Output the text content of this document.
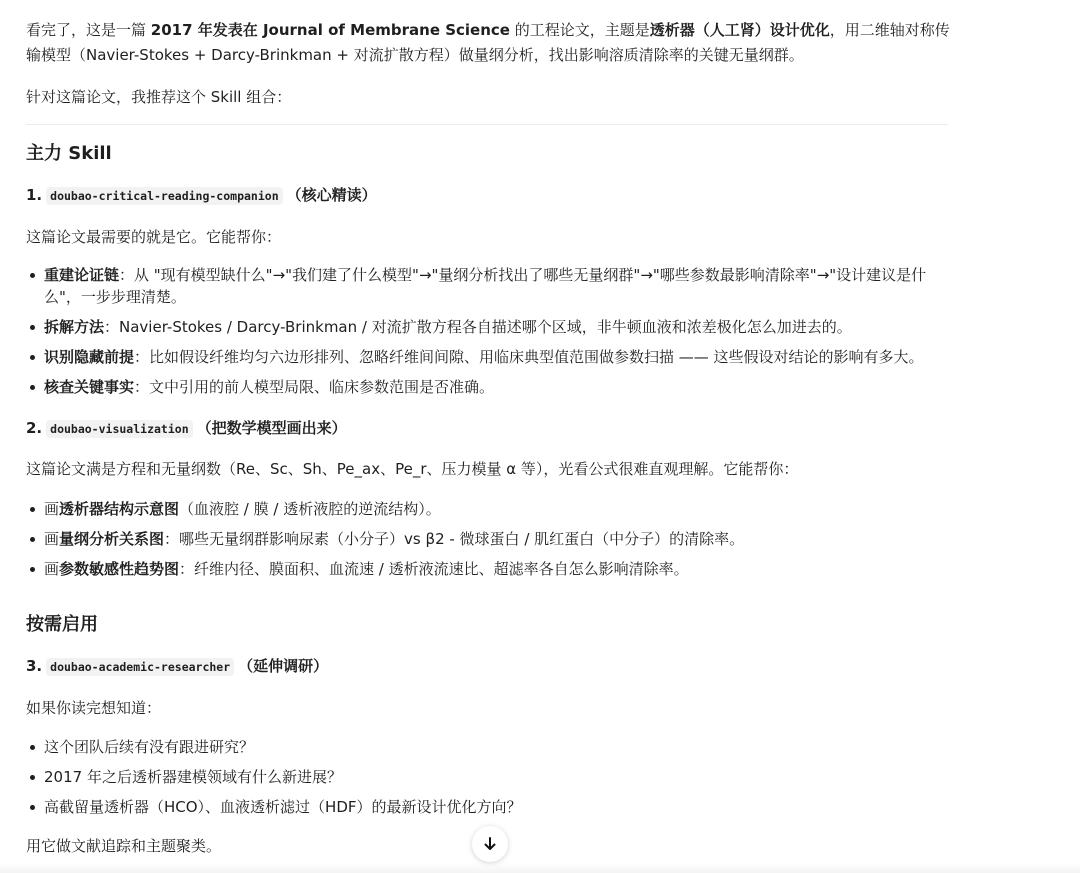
看完了，这是一篇 2017 年发表在 Journal of Membrane Science 的工程论文，主题是透析器（人工肾）设计优化，用二维轴对称传输模型（Navier-Stokes + Darcy-Brinkman + 对流扩散方程）做量纲分析，找出影响溶质清除率的关键无量纲群。
针对这篇论文，我推荐这个 Skill 组合：
主力 Skill
1. doubao-critical-reading-companion （核心精读）
这篇论文最需要的就是它。它能帮你：
重建论证链：从 "现有模型缺什么"→"我们建了什么模型"→"量纲分析找出了哪些无量纲群"→"哪些参数最影响清除率"→"设计建议是什么"，一步步理清楚。
拆解方法：Navier-Stokes / Darcy-Brinkman / 对流扩散方程各自描述哪个区域，非牛顿血液和浓差极化怎么加进去的。
识别隐藏前提：比如假设纤维均匀六边形排列、忽略纤维间间隙、用临床典型值范围做参数扫描 —— 这些假设对结论的影响有多大。
核查关键事实：文中引用的前人模型局限、临床参数范围是否准确。
2. doubao-visualization （把数学模型画出来）
这篇论文满是方程和无量纲数（Re、Sc、Sh、Pe_ax、Pe_r、压力模量 α 等），光看公式很难直观理解。它能帮你：
画透析器结构示意图（血液腔 / 膜 / 透析液腔的逆流结构）。
画量纲分析关系图：哪些无量纲群影响尿素（小分子）vs β2 - 微球蛋白 / 肌红蛋白（中分子）的清除率。
画参数敏感性趋势图：纤维内径、膜面积、血流速 / 透析液流速比、超滤率各自怎么影响清除率。
按需启用
3. doubao-academic-researcher （延伸调研）
如果你读完想知道：
这个团队后续有没有跟进研究？
2017 年之后透析器建模领域有什么新进展？
高截留量透析器（HCO）、血液透析滤过（HDF）的最新设计优化方向？
用它做文献追踪和主题聚类。
